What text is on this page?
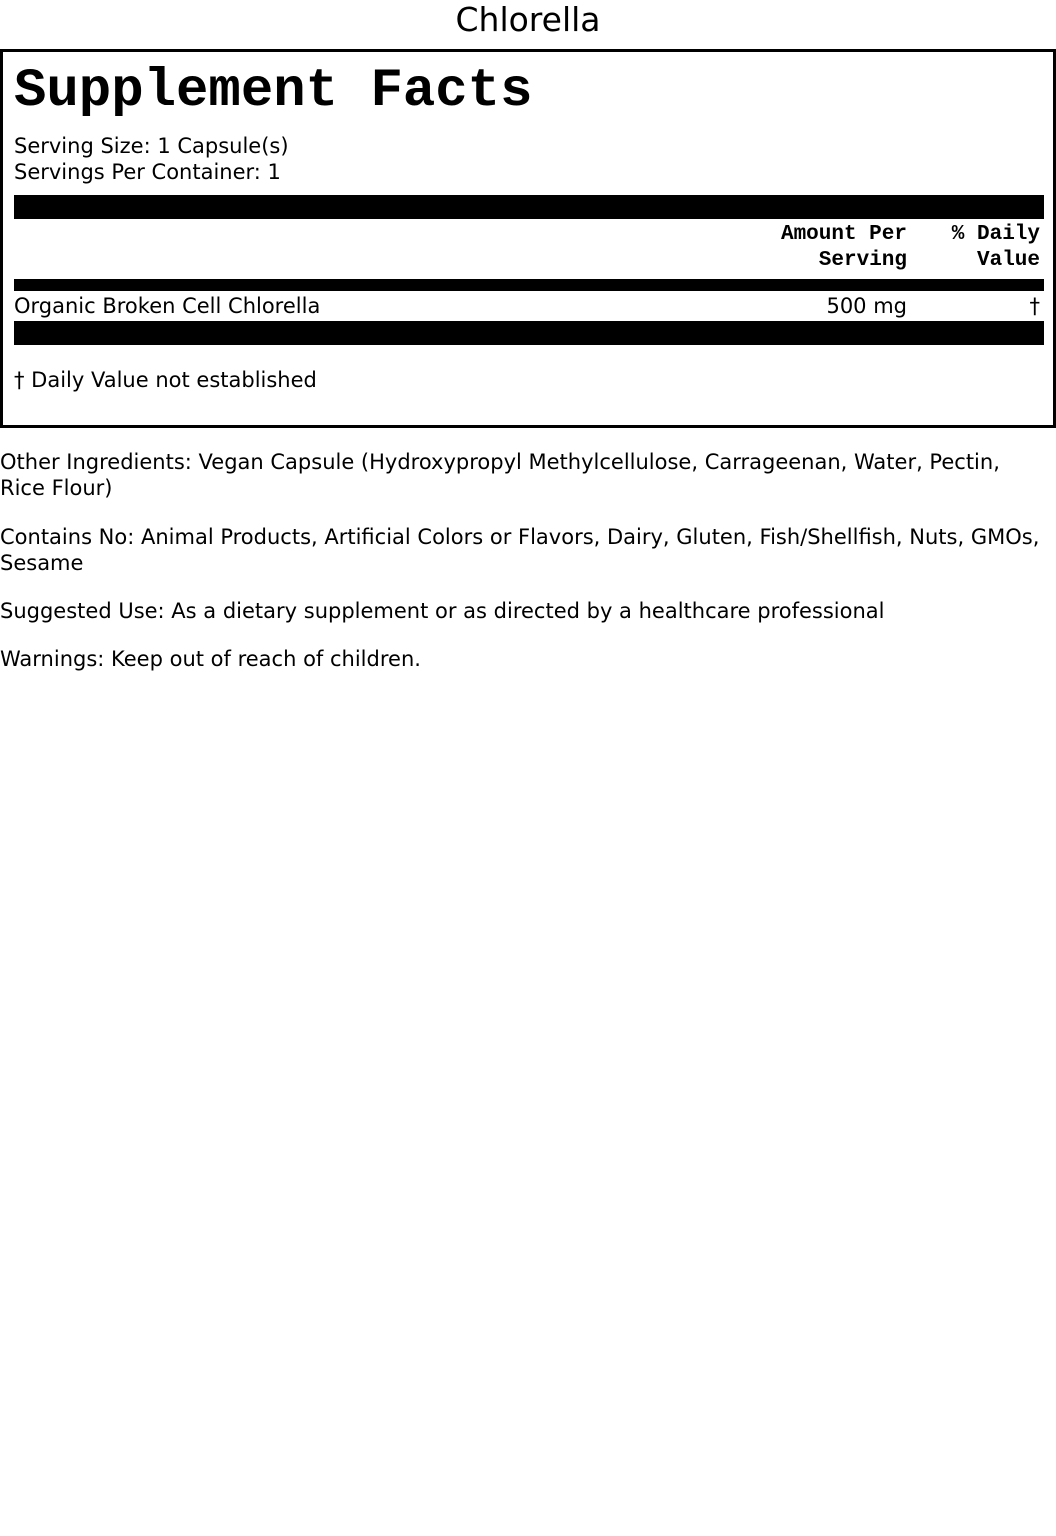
Chlorella
Supplement Facts
Serving Size: 1 Capsule(s)
Servings Per Container: 1
Amount Per
Serving
% Daily
Value
Organic Broken Cell Chlorella	500 mg	†
† Daily Value not established
Other Ingredients: Vegan Capsule (Hydroxypropyl Methylcellulose, Carrageenan, Water, Pectin, Rice Flour)
Contains No: Animal Products, Artificial Colors or Flavors, Dairy, Gluten, Fish/Shellfish, Nuts, GMOs, Sesame
Suggested Use: As a dietary supplement or as directed by a healthcare professional
Warnings: Keep out of reach of children.
